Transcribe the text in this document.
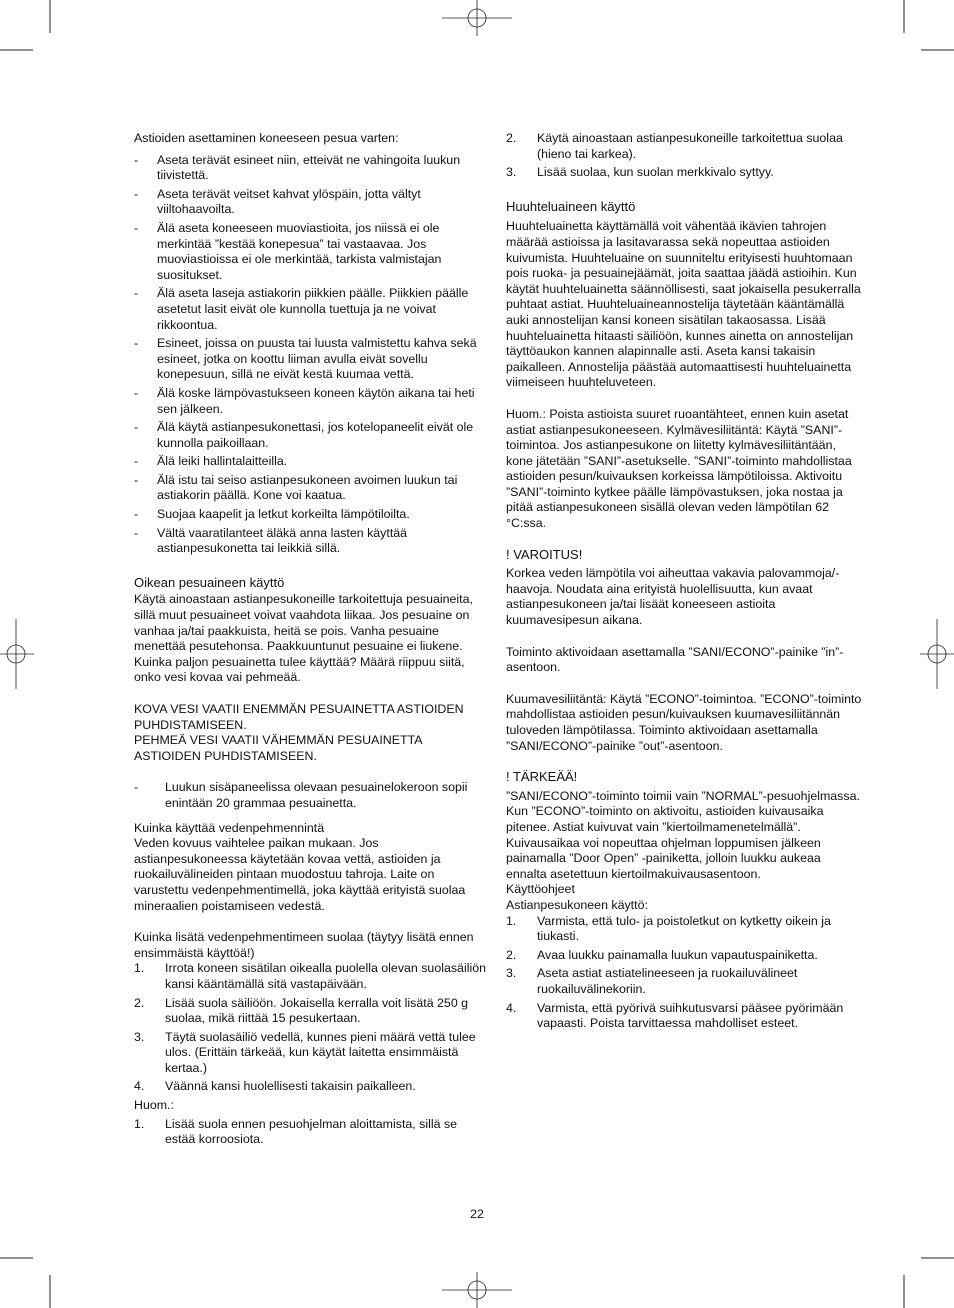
Astioiden asettaminen koneeseen pesua varten:

- Aseta terävät esineet niin, etteivät ne vahingoita luukun tiivistettä.
- Aseta terävät veitset kahvat ylöspäin, jotta vältyt viiltohaavoilta.
- Älä aseta koneeseen muoviastioita, jos niissä ei ole merkintää ”kestää konepesua” tai vastaavaa. Jos muoviastioissa ei ole merkintää, tarkista valmistajan suositukset.
- Älä aseta laseja astiakorin piikkien päälle. Piikkien päälle asetetut lasit eivät ole kunnolla tuettuja ja ne voivat rikkoontua.
- Esineet, joissa on puusta tai luusta valmistettu kahva sekä esineet, jotka on koottu liiman avulla eivät sovellu konepesuun, sillä ne eivät kestä kuumaa vettä.
- Älä koske lämpövastukseen koneen käytön aikana tai heti sen jälkeen.
- Älä käytä astianpesukonettasi, jos kotelopaneelit eivät ole kunnolla paikoillaan.
- Älä leiki hallintalaitteilla.
- Älä istu tai seiso astianpesukoneen avoimen luukun tai astiakorin päällä. Kone voi kaatua.
- Suojaa kaapelit ja letkut korkeilta lämpötiloilta.
- Vältä vaaratilanteet äläkä anna lasten käyttää astianpesukonetta tai leikkiä sillä.

Oikean pesuaineen käyttö

Käytä ainoastaan astianpesukoneille tarkoitettuja pesuaineita, sillä muut pesuaineet voivat vaahdota liikaa. Jos pesuaine on vanhaa ja/tai paakkuista, heitä se pois. Vanha pesuaine menettää pesutehonsa. Paakkuuntunut pesuaine ei liukene. Kuinka paljon pesuainetta tulee käyttää? Määrä riippuu siitä, onko vesi kovaa vai pehmeää.

KOVA VESI VAATII ENEMMÄN PESUAINETTA ASTIOIDEN PUHDISTAMISEEN.

PEHMEÄ VESI VAATII VÄHEMMÄN PESUAINETTA ASTIOIDEN PUHDISTAMISEEN.

- Luukun sisäpaneelissa olevaan pesuainelokeroon sopii enintään 20 grammaa pesuainetta.

Kuinka käyttää vedenpehmennintä

Veden kovuus vaihtelee paikan mukaan. Jos astianpesukoneessa käytetään kovaa vettä, astioiden ja ruokailuvälineiden pintaan muodostuu tahroja. Laite on varustettu vedenpehmentimellä, joka käyttää erityistä suolaa mineraalien poistamiseen vedestä.

Kuinka lisätä vedenpehmentimeen suolaa (täytyy lisätä ennen ensimmäistä käyttöä!)

1. Irrota koneen sisätilan oikealla puolella olevan suolasäiliön kansi kääntämällä sitä vastapäivään.
2. Lisää suola säiliöön. Jokaisella kerralla voit lisätä 250 g suolaa, mikä riittää 15 pesukertaan.
3. Täytä suolasäiliö vedellä, kunnes pieni määrä vettä tulee ulos. (Erittäin tärkeää, kun käytät laitetta ensimmäistä kertaa.)
4. Väännä kansi huolellisesti takaisin paikalleen.

Huom.:

1. Lisää suola ennen pesuohjelman aloittamista, sillä se estää korroosiota.
2. Käytä ainoastaan astianpesukoneille tarkoitettua suolaa (hieno tai karkea).
3. Lisää suolaa, kun suolan merkkivalo syttyy.

Huuhteluaineen käyttö

Huuhteluainetta käyttämällä voit vähentää ikävien tahrojen määrää astioissa ja lasitavarassa sekä nopeuttaa astioiden kuivumista. Huuhteluaine on suunniteltu erityisesti huuhtomaan pois ruoka- ja pesuainejäämät, joita saattaa jäädä astioihin. Kun käytät huuhteluainetta säännöllisesti, saat jokaisella pesukerralla puhtaat astiat. Huuhteluaineannostelija täytetään kääntämällä auki annostelijan kansi koneen sisätilan takaosassa. Lisää huuhteluainetta hitaasti säiliöön, kunnes ainetta on annostelijan täyttöaukon kannen alapinnalle asti. Aseta kansi takaisin paikalleen. Annostelija päästää automaattisesti huuhteluainetta viimeiseen huuhteluveteen.

Huom.: Poista astioista suuret ruoantähteet, ennen kuin asetat astiat astianpesukoneeseen. Kylmävesiliitäntä: Käytä ”SANI”-toimintoa. Jos astianpesukone on liitetty kylmävesiliitäntään, kone jätetään ”SANI”-asetukselle. ”SANI”-toiminto mahdollistaa astioiden pesun/kuivauksen korkeissa lämpötiloissa. Aktivoitu ”SANI”-toiminto kytkee päälle lämpövastuksen, joka nostaa ja pitää astianpesukoneen sisällä olevan veden lämpötilan 62 °C:ssa.

! VAROITUS!

Korkea veden lämpötila voi aiheuttaa vakavia palovammoja/-haavoja. Noudata aina erityistä huolellisuutta, kun avaat astianpesukoneen ja/tai lisäät koneeseen astioita kuumavesipesun aikana.

Toiminto aktivoidaan asettamalla ”SANI/ECONO”-painike ”in”-asentoon.

Kuumavesiliitäntä: Käytä ”ECONO”-toimintoa. ”ECONO”-toiminto mahdollistaa astioiden pesun/kuivauksen kuumavesiliitännän tuloveden lämpötilassa. Toiminto aktivoidaan asettamalla ”SANI/ECONO”-painike ”out”-asentoon.

! TÄRKEÄÄ!

”SANI/ECONO”-toiminto toimii vain ”NORMAL”-pesuohjelmassa. Kun ”ECONO”-toiminto on aktivoitu, astioiden kuivausaika pitenee. Astiat kuivuvat vain ”kiertoilmamenetelmällä”. Kuivausaikaa voi nopeuttaa ohjelman loppumisen jälkeen painamalla ”Door Open” -painiketta, jolloin luukku aukeaa ennalta asetettuun kiertoilmakuivausasentoon.

Käyttöohjeet

Astianpesukoneen käyttö:

1. Varmista, että tulo- ja poistoletkut on kytketty oikein ja tiukasti.
2. Avaa luukku painamalla luukun vapautuspainiketta.
3. Aseta astiat astiatelineeseen ja ruokailuvälineet ruokailuvälinekoriin.
4. Varmista, että pyörivä suihkutusvarsi pääsee pyörimään vapaasti. Poista tarvittaessa mahdolliset esteet.
22
